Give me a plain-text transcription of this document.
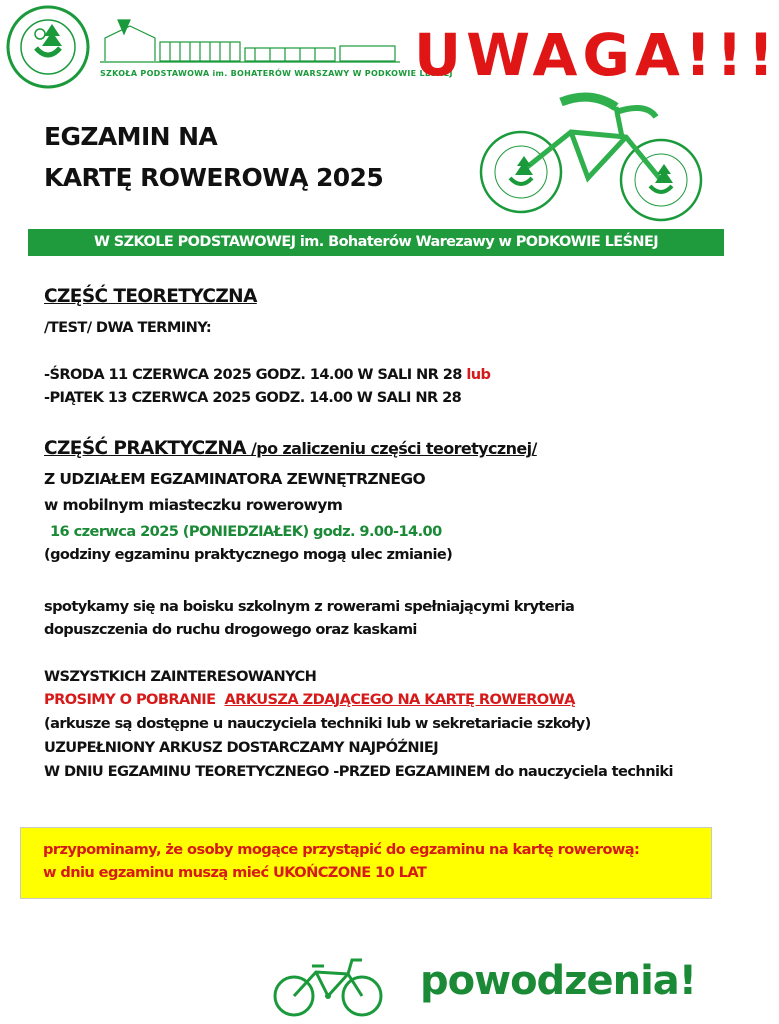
SZKOŁA PODSTAWOWA im. BOHATERÓW WARSZAWY W PODKOWIE LEŚNEJ
UWAGA!!!
EGZAMIN NA
KARTĘ ROWEROWĄ 2025
W SZKOLE PODSTAWOWEJ im. Bohaterów Warezawy w PODKOWIE LEŚNEJ
CZĘŚĆ TEORETYCZNA
/TEST/ DWA TERMINY:
-ŚRODA 11 CZERWCA 2025 GODZ. 14.00 W SALI NR 28 lub
-PIĄTEK 13 CZERWCA 2025 GODZ. 14.00 W SALI NR 28
CZĘŚĆ PRAKTYCZNA /po zaliczeniu części teoretycznej/
Z UDZIAŁEM EGZAMINATORA ZEWNĘTRZNEGO
w mobilnym miasteczku rowerowym
16 czerwca 2025 (PONIEDZIAŁEK) godz. 9.00-14.00
(godziny egzaminu praktycznego mogą ulec zmianie)
spotykamy się na boisku szkolnym z rowerami spełniającymi kryteria
dopuszczenia do ruchu drogowego oraz kaskami
WSZYSTKICH ZAINTERESOWANYCH
PROSIMY O POBRANIE ARKUSZA ZDAJĄCEGO NA KARTĘ ROWEROWĄ
(arkusze są dostępne u nauczyciela techniki lub w sekretariacie szkoły)
UZUPEŁNIONY ARKUSZ DOSTARCZAMY NAJPÓŹNIEJ
W DNIU EGZAMINU TEORETYCZNEGO -PRZED EGZAMINEM do nauczyciela techniki
przypominamy, że osoby mogące przystąpić do egzaminu na kartę rowerową:
w dniu egzaminu muszą mieć UKOŃCZONE 10 LAT
powodzenia!
